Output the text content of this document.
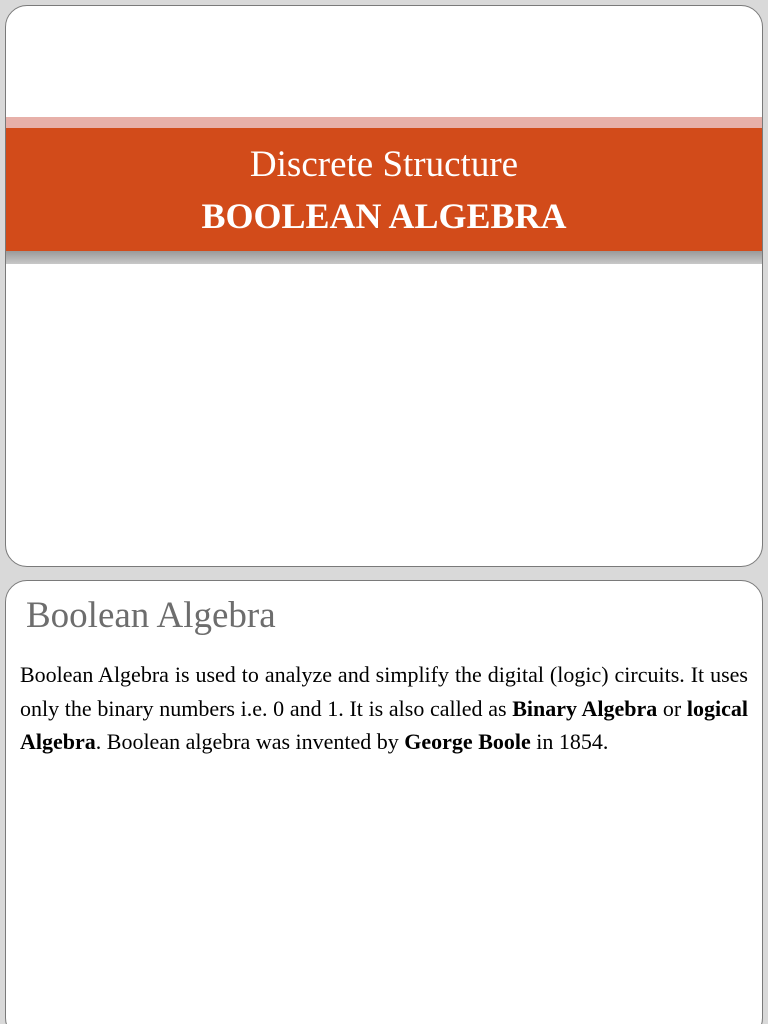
Discrete Structure
BOOLEAN ALGEBRA
Boolean Algebra
Boolean Algebra is used to analyze and simplify the digital (logic) circuits. It uses only the binary numbers i.e. 0 and 1. It is also called as Binary Algebra or logical Algebra. Boolean algebra was invented by George Boole in 1854.
